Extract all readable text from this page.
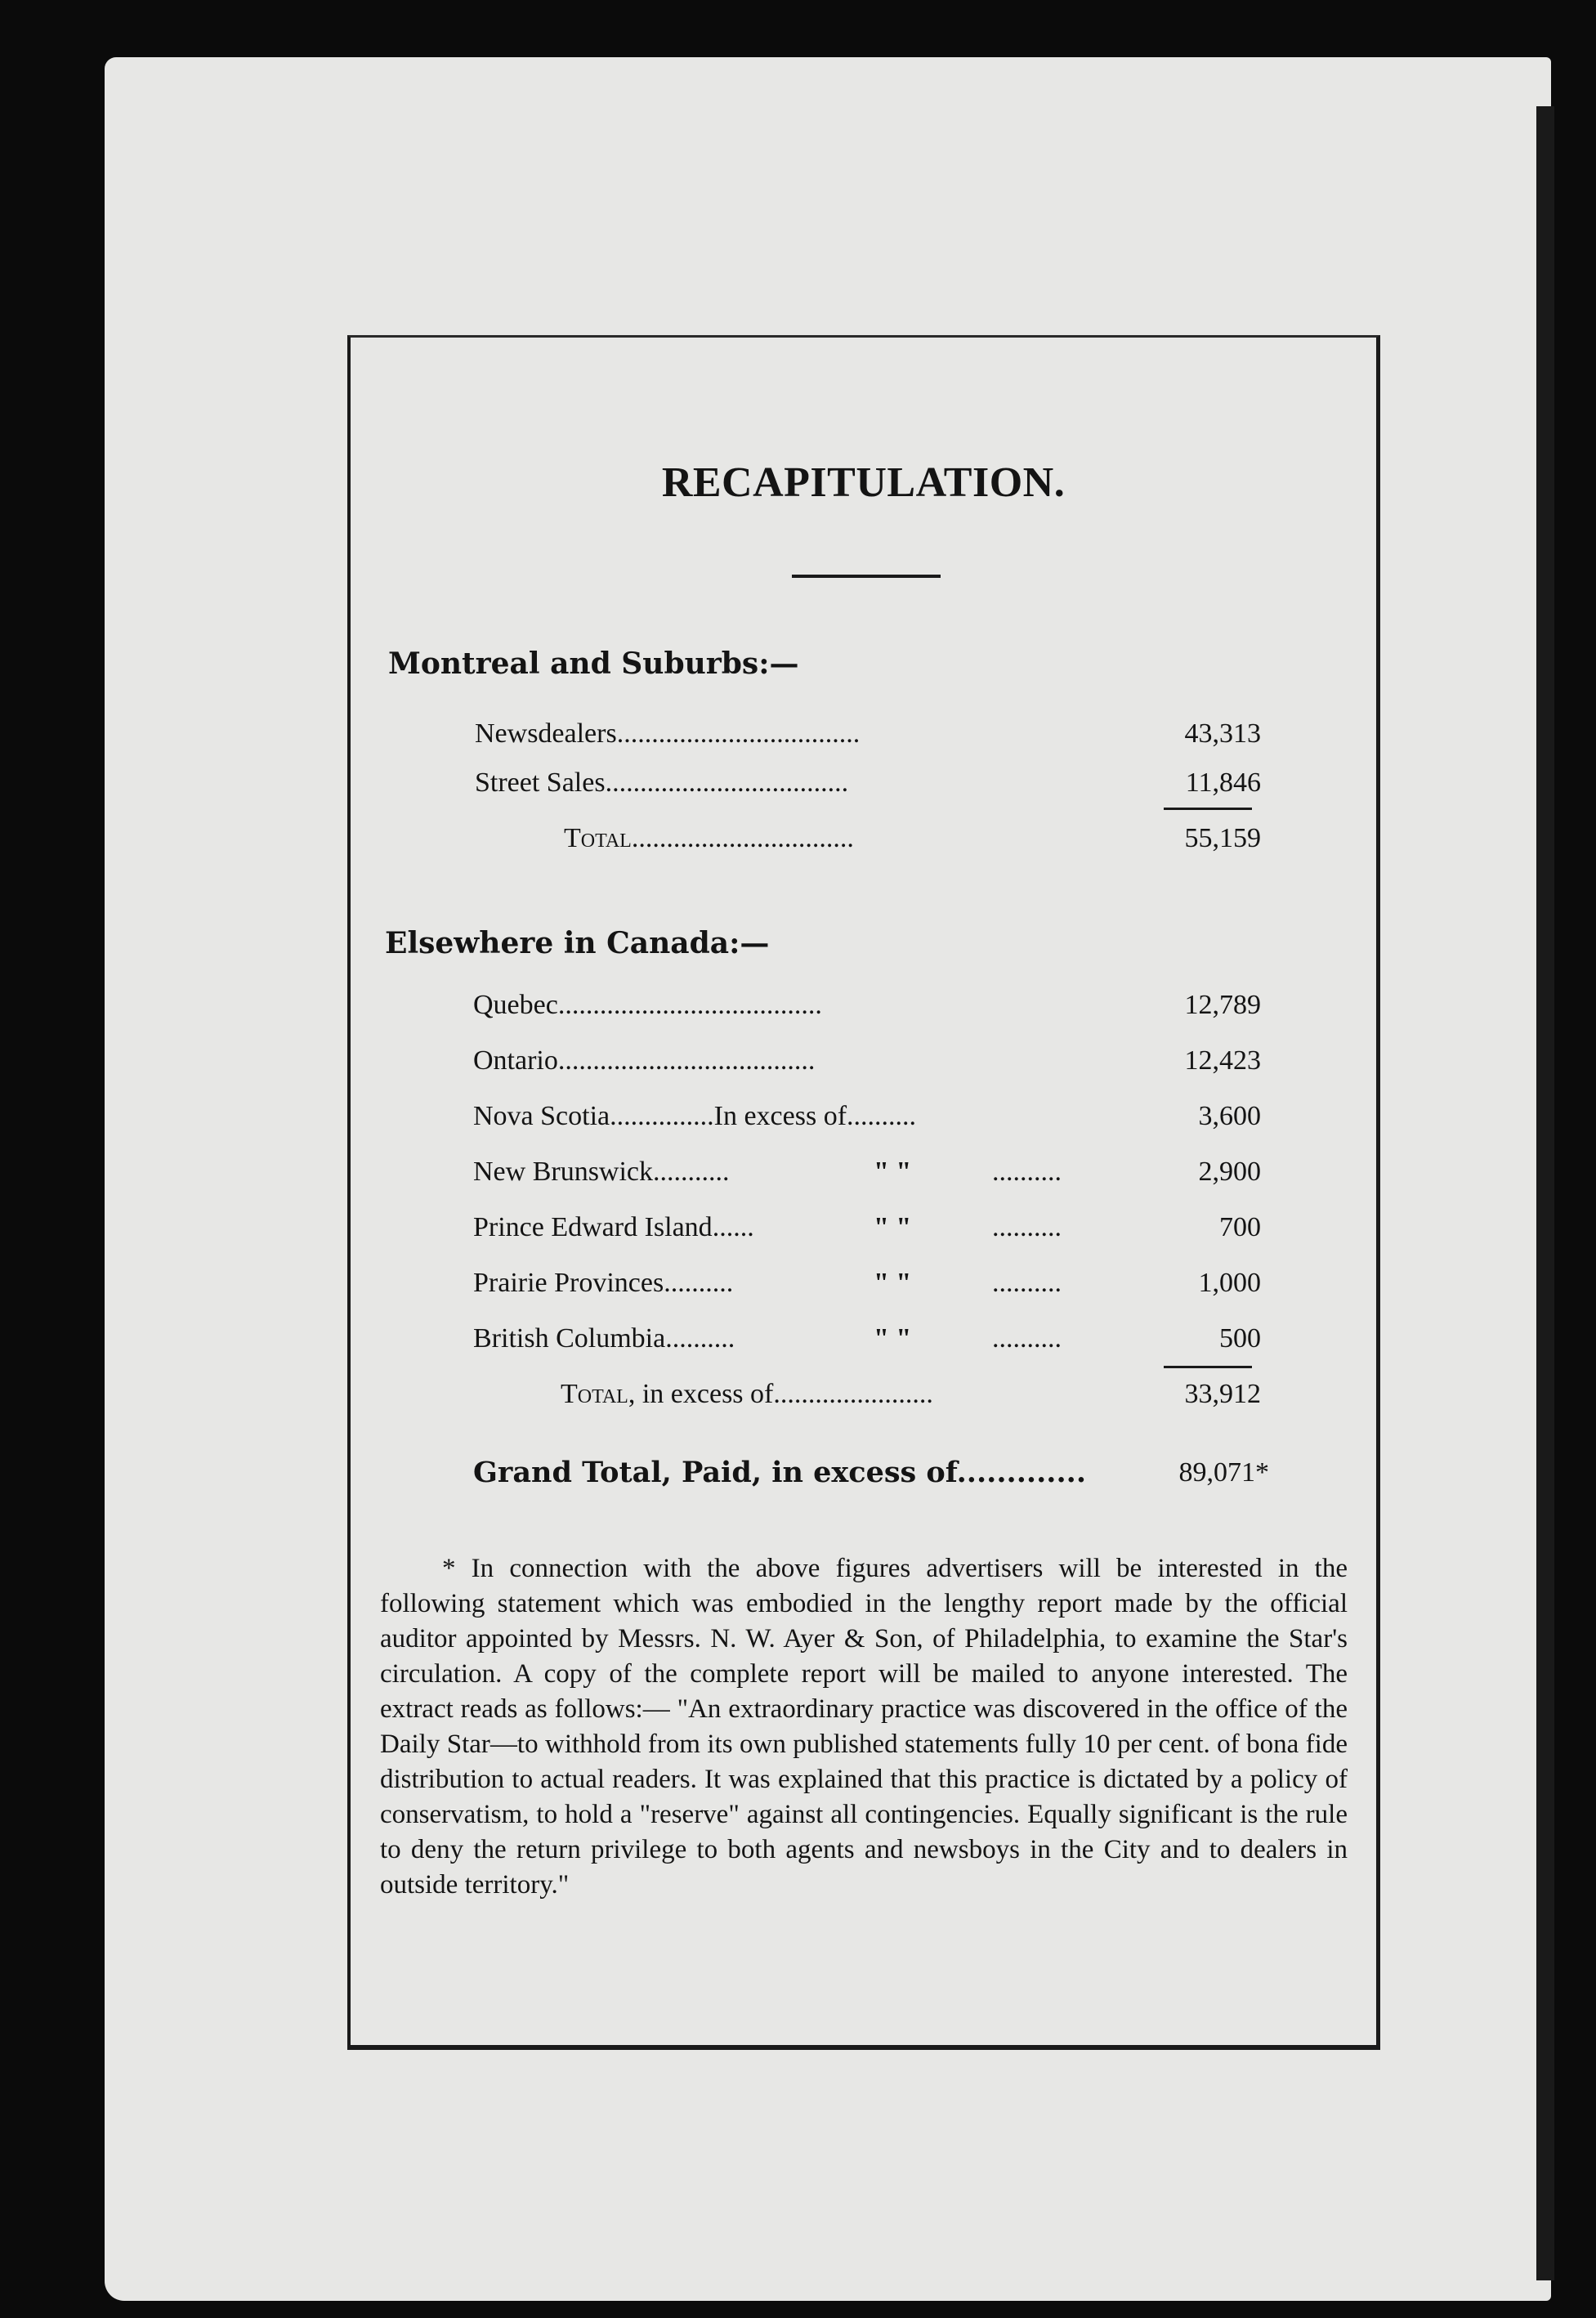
RECAPITULATION.
Montreal and Suburbs:—
Newsdealers...................................	43,313
Street Sales...................................	11,846
Total................................	55,159
Elsewhere in Canada:—
Quebec......................................	12,789
Ontario.....................................	12,423
Nova Scotia...............In excess of..........	3,600
New Brunswick...........	" "	..........	2,900
Prince Edward Island......	" "	..........	700
Prairie Provinces..........	" "	..........	1,000
British Columbia..........	" "	..........	500
Total, in excess of.......................	33,912
Grand Total, Paid, in excess of.............	89,071*

* In connection with the above figures advertisers will be interested in the following statement which was embodied in the lengthy report made by the official auditor appointed by Messrs. N. W. Ayer & Son, of Philadelphia, to examine the Star's circulation. A copy of the complete report will be mailed to anyone interested. The extract reads as follows:— "An extraordinary practice was discovered in the office of the Daily Star—to withhold from its own published statements fully 10 per cent. of bona fide distribution to actual readers. It was explained that this practice is dictated by a policy of conservatism, to hold a "reserve" against all contingencies. Equally significant is the rule to deny the return privilege to both agents and newsboys in the City and to dealers in outside territory."
